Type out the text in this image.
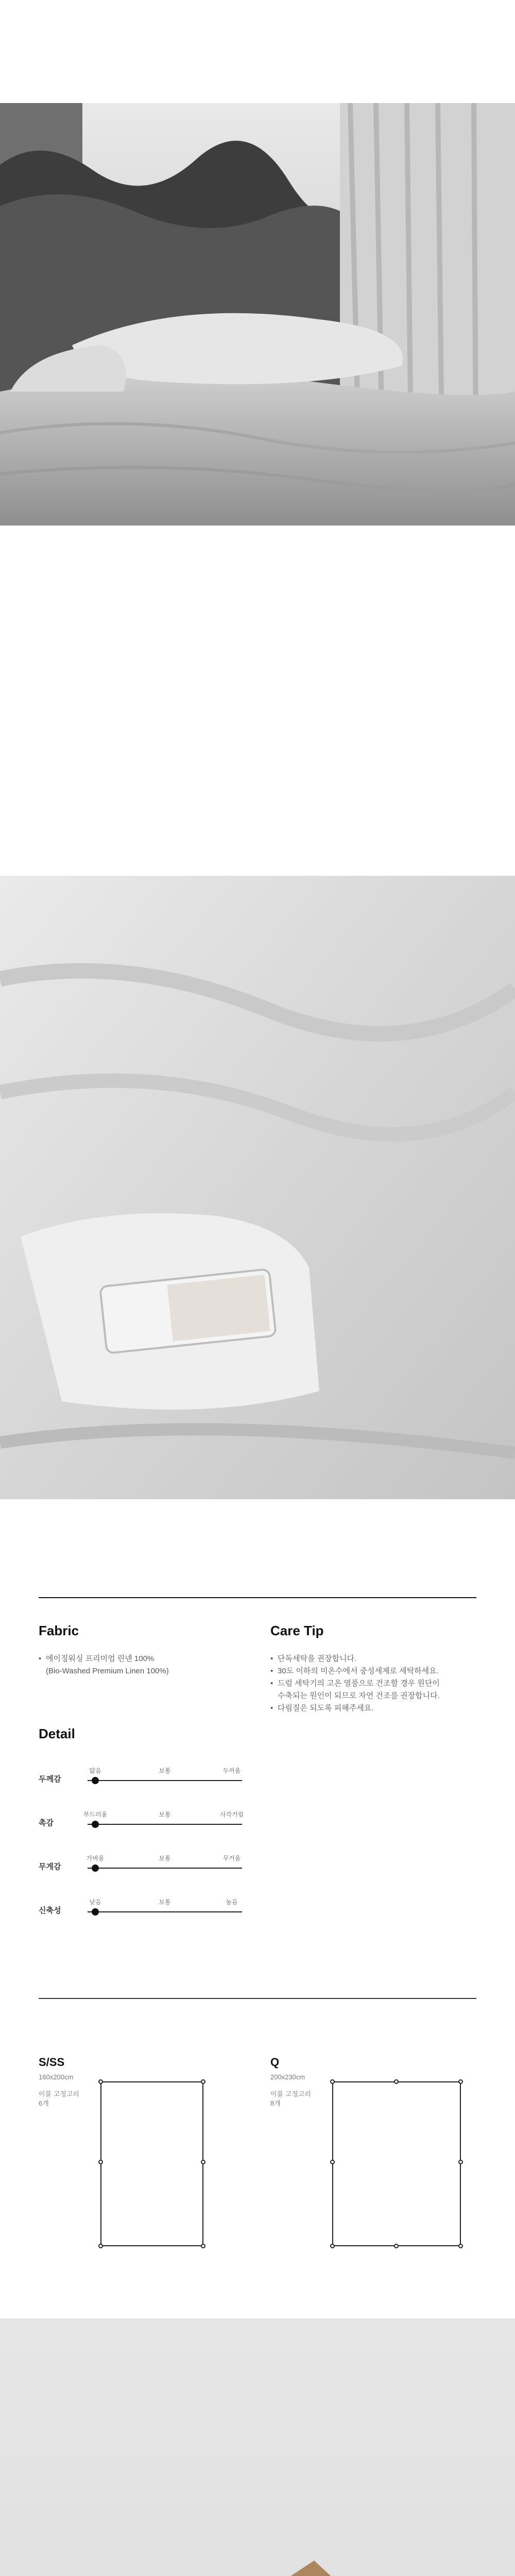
Fabric
• 에이징워싱 프리미엄 린넨 100%
(Bio-Washed Premium Linen 100%)
Care Tip
• 단독세탁을 권장합니다.
• 30도 이하의 미온수에서 중성세제로 세탁하세요.
• 드럼 세탁기의 고온 열풍으로 건조할 경우 원단이
수축되는 원인이 되므로 자연 건조를 권장합니다.
• 다림질은 되도록 피해주세요.
Detail
두께감
얇음	보통	두꺼움
촉감
부드러움	보통	사각거림
무게감
가벼움	보통	무거움
신축성
낮음	보통	높음
S/SS
160x200cm
이불 고정고리
6개
Q
200x230cm
이불 고정고리
8개
